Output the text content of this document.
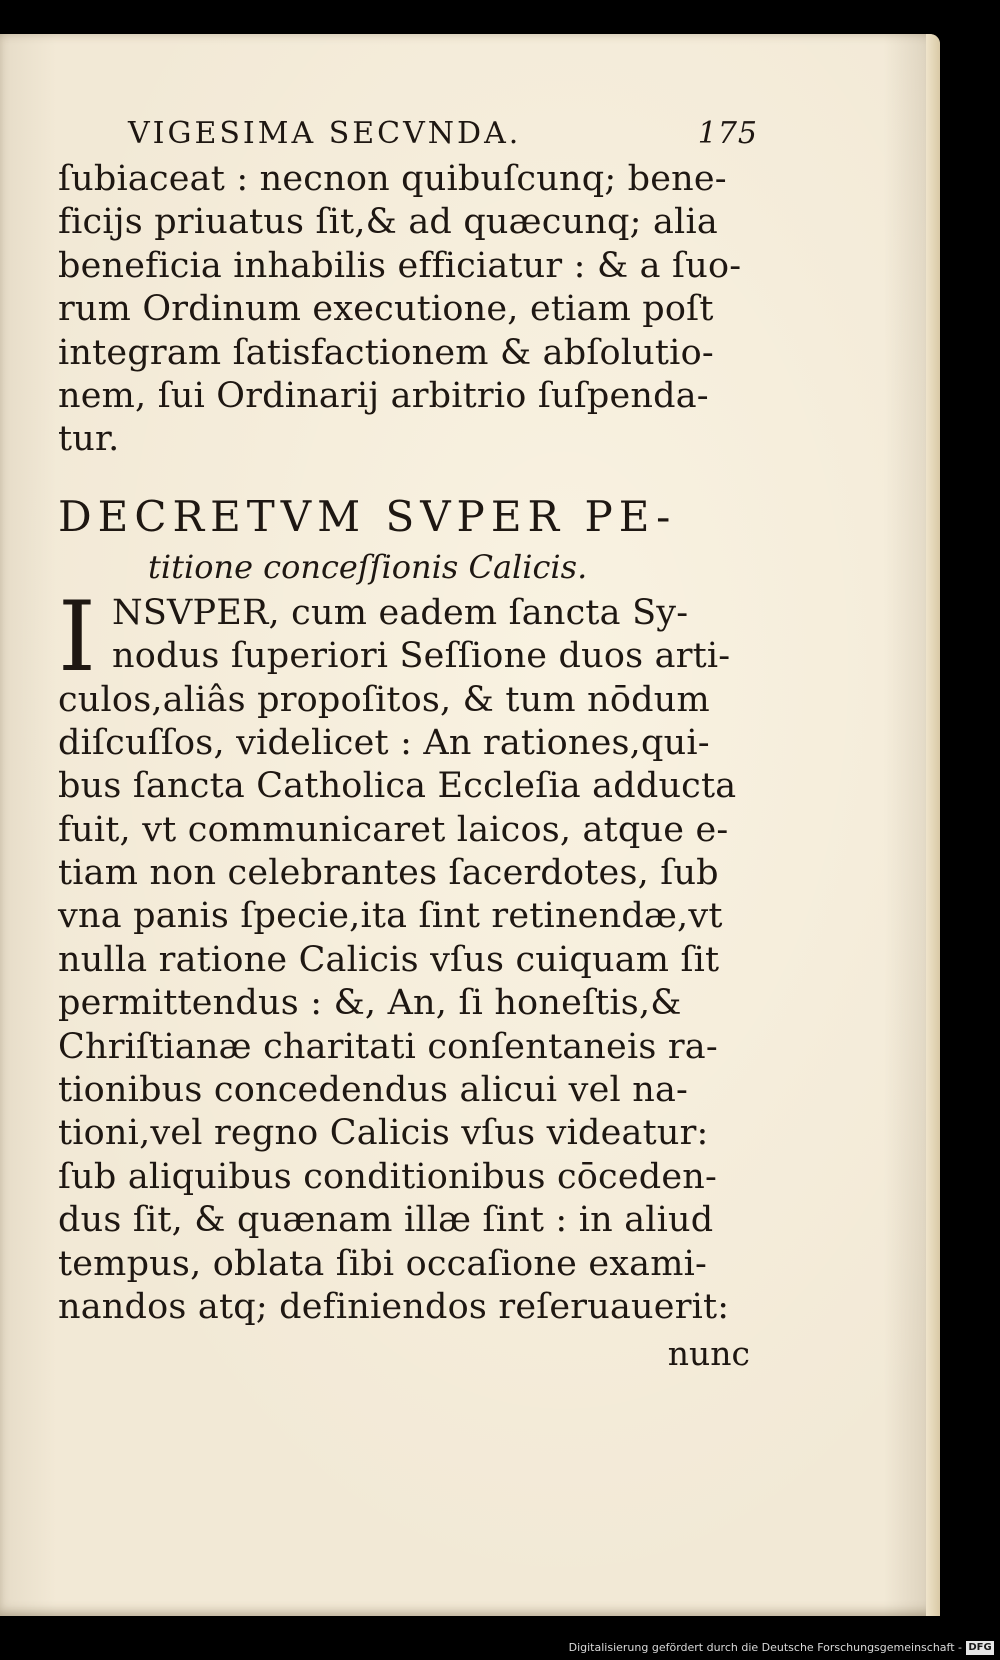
VIGESIMA SECVNDA.	175
ſubiaceat : necnon quibuſcunq; bene-
ficijs priuatus ſit,& ad quæcunq; alia
beneficia inhabilis efficiatur : & a ſuo-
rum Ordinum executione, etiam poſt
integram ſatisfactionem & abſolutio-
nem, ſui Ordinarij arbitrio ſuſpenda-
tur.
DECRETVM SVPER PE-
titione conceſſionis Calicis.
I NSVPER, cum eadem ſancta Sy-
nodus ſuperiori Seſſione duos arti-
culos,aliâs propoſitos, & tum nōdum
diſcuſſos, videlicet : An rationes,qui-
bus ſancta Catholica Eccleſia adducta
fuit, vt communicaret laicos, atque e-
tiam non celebrantes ſacerdotes, ſub
vna panis ſpecie,ita ſint retinendæ,vt
nulla ratione Calicis vſus cuiquam ſit
permittendus : &, An, ſi honeſtis,&
Chriſtianæ charitati conſentaneis ra-
tionibus concedendus alicui vel na-
tioni,vel regno Calicis vſus videatur:
ſub aliquibus conditionibus cōceden-
dus ſit, & quænam illæ ſint : in aliud
tempus, oblata ſibi occaſione exami-
nandos atq; definiendos reſeruauerit:
nunc
Digitalisierung gefördert durch die Deutsche Forschungsgemeinschaft - DFG
